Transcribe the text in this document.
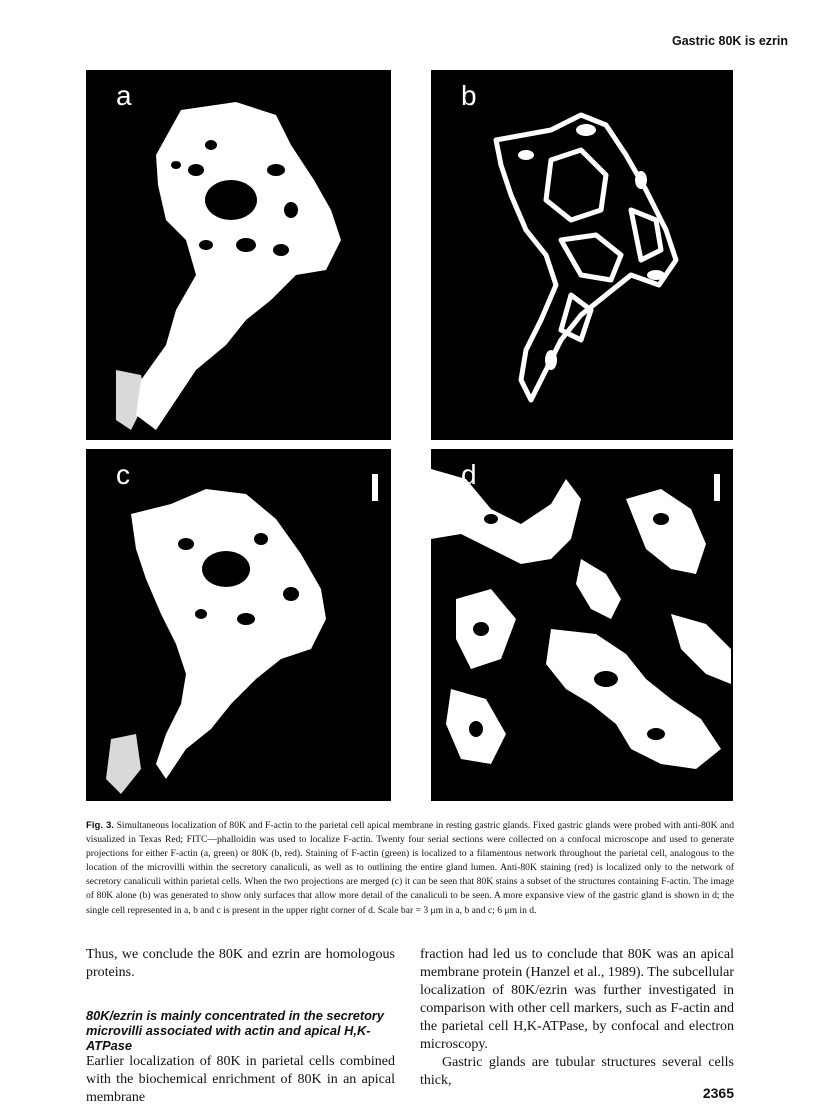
Gastric 80K is ezrin
a	b
c	d
Fig. 3. Simultaneous localization of 80K and F-actin to the parietal cell apical membrane in resting gastric glands. Fixed gastric glands were probed with anti-80K and visualized in Texas Red; FITC—phalloidin was used to localize F-actin. Twenty four serial sections were collected on a confocal microscope and used to generate projections for either F-actin (a, green) or 80K (b, red). Staining of F-actin (green) is localized to a filamentous network throughout the parietal cell, analogous to the location of the microvilli within the secretory canaliculi, as well as to outlining the entire gland lumen. Anti-80K staining (red) is localized only to the network of secretory canaliculi within parietal cells. When the two projections are merged (c) it can be seen that 80K stains a subset of the structures containing F-actin. The image of 80K alone (b) was generated to show only surfaces that allow more detail of the canaliculi to be seen. A more expansive view of the gastric gland is shown in d; the single cell represented in a, b and c is present in the upper right corner of d. Scale bar = 3 μm in a, b and c; 6 μm in d.

Thus, we conclude the 80K and ezrin are homologous proteins.

80K/ezrin is mainly concentrated in the secretory microvilli associated with actin and apical H,K-ATPase

Earlier localization of 80K in parietal cells combined with the biochemical enrichment of 80K in an apical membrane

fraction had led us to conclude that 80K was an apical membrane protein (Hanzel et al., 1989). The subcellular localization of 80K/ezrin was further investigated in comparison with other cell markers, such as F-actin and the parietal cell H,K-ATPase, by confocal and electron microscopy.

Gastric glands are tubular structures several cells thick,

2365
